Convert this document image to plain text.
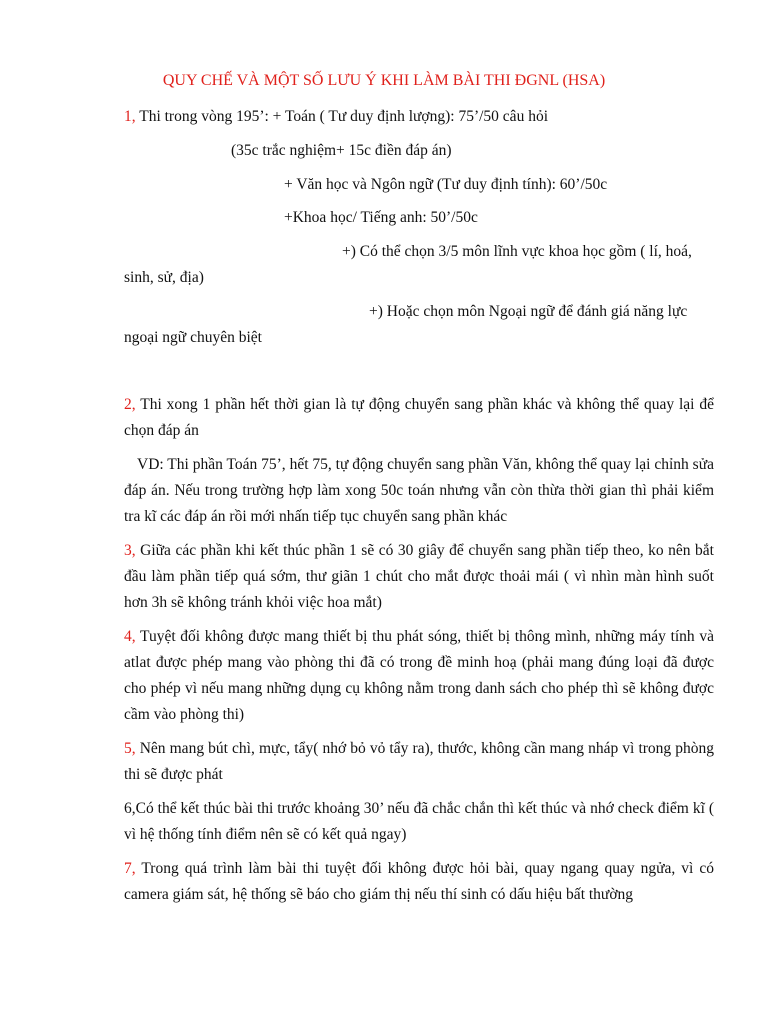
QUY CHẾ VÀ MỘT SỐ LƯU Ý KHI LÀM BÀI THI ĐGNL (HSA)
1, Thi trong vòng 195’: + Toán ( Tư duy định lượng): 75’/50 câu hỏi
(35c trắc nghiệm+ 15c điền đáp án)
+ Văn học và Ngôn ngữ (Tư duy định tính): 60’/50c
+Khoa học/ Tiếng anh: 50’/50c
+) Có thể chọn 3/5 môn lĩnh vực khoa học gồm ( lí, hoá,
sinh, sử, địa)
+) Hoặc chọn môn Ngoại ngữ để đánh giá năng lực
ngoại ngữ chuyên biệt
2, Thi xong 1 phần hết thời gian là tự động chuyển sang phần khác và không thể quay lại để chọn đáp án
VD: Thi phần Toán 75’, hết 75, tự động chuyển sang phần Văn, không thể quay lại chỉnh sửa đáp án. Nếu trong trường hợp làm xong 50c toán nhưng vẫn còn thừa thời gian thì phải kiểm tra kĩ các đáp án rồi mới nhấn tiếp tục chuyển sang phần khác
3, Giữa các phần khi kết thúc phần 1 sẽ có 30 giây để chuyển sang phần tiếp theo, ko nên bắt đầu làm phần tiếp quá sớm, thư giãn 1 chút cho mắt được thoải mái ( vì nhìn màn hình suốt hơn 3h sẽ không tránh khỏi việc hoa mắt)
4, Tuyệt đối không được mang thiết bị thu phát sóng, thiết bị thông mình, những máy tính và atlat được phép mang vào phòng thi đã có trong đề minh hoạ (phải mang đúng loại đã được cho phép vì nếu mang những dụng cụ không nằm trong danh sách cho phép thì sẽ không được cầm vào phòng thi)
5, Nên mang bút chì, mực, tẩy( nhớ bỏ vỏ tẩy ra), thước, không cần mang nháp vì trong phòng thi sẽ được phát
6,Có thể kết thúc bài thi trước khoảng 30’ nếu đã chắc chắn thì kết thúc và nhớ check điểm kĩ ( vì hệ thống tính điểm nên sẽ có kết quả ngay)
7, Trong quá trình làm bài thi tuyệt đối không được hỏi bài, quay ngang quay ngửa, vì có camera giám sát, hệ thống sẽ báo cho giám thị nếu thí sinh có dấu hiệu bất thường
